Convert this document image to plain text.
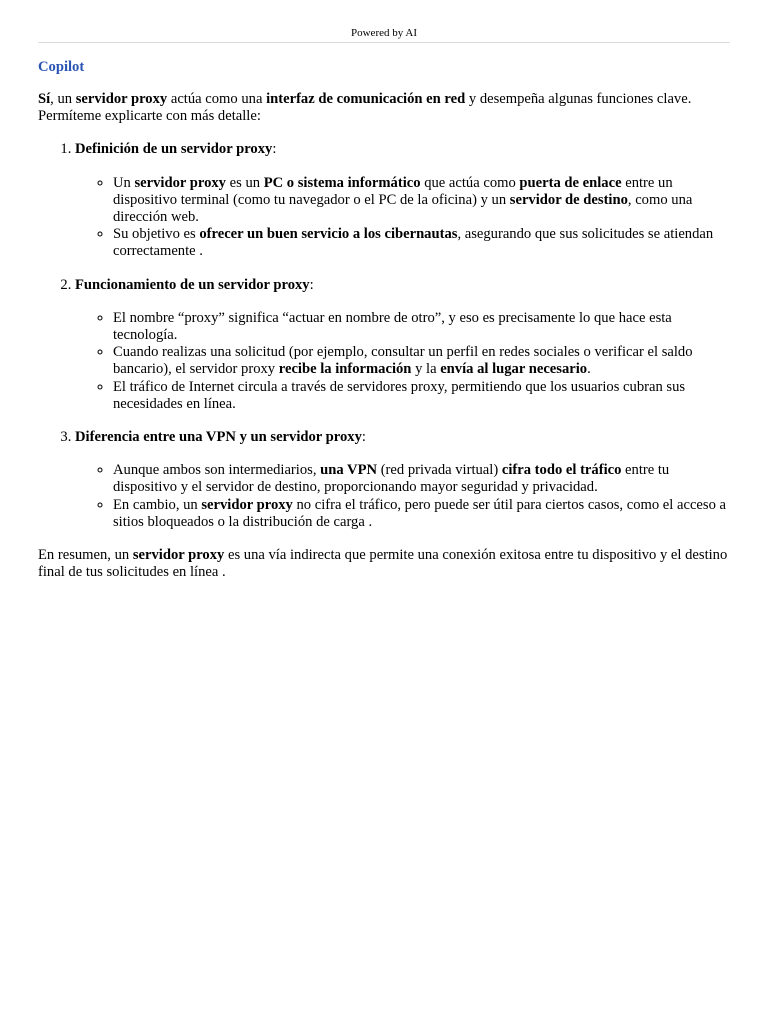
Powered by AI
Copilot

Sí, un servidor proxy actúa como una interfaz de comunicación en red y desempeña algunas funciones clave. Permíteme explicarte con más detalle:

1. Definición de un servidor proxy:
◦ Un servidor proxy es un PC o sistema informático que actúa como puerta de enlace entre un dispositivo terminal (como tu navegador o el PC de la oficina) y un servidor de destino, como una dirección web.
◦ Su objetivo es ofrecer un buen servicio a los cibernautas, asegurando que sus solicitudes se atiendan correctamente .
2. Funcionamiento de un servidor proxy:
◦ El nombre “proxy” significa “actuar en nombre de otro”, y eso es precisamente lo que hace esta tecnología.
◦ Cuando realizas una solicitud (por ejemplo, consultar un perfil en redes sociales o verificar el saldo bancario), el servidor proxy recibe la información y la envía al lugar necesario.
◦ El tráfico de Internet circula a través de servidores proxy, permitiendo que los usuarios cubran sus necesidades en línea.
3. Diferencia entre una VPN y un servidor proxy:
◦ Aunque ambos son intermediarios, una VPN (red privada virtual) cifra todo el tráfico entre tu dispositivo y el servidor de destino, proporcionando mayor seguridad y privacidad.
◦ En cambio, un servidor proxy no cifra el tráfico, pero puede ser útil para ciertos casos, como el acceso a sitios bloqueados o la distribución de carga .

En resumen, un servidor proxy es una vía indirecta que permite una conexión exitosa entre tu dispositivo y el destino final de tus solicitudes en línea .
